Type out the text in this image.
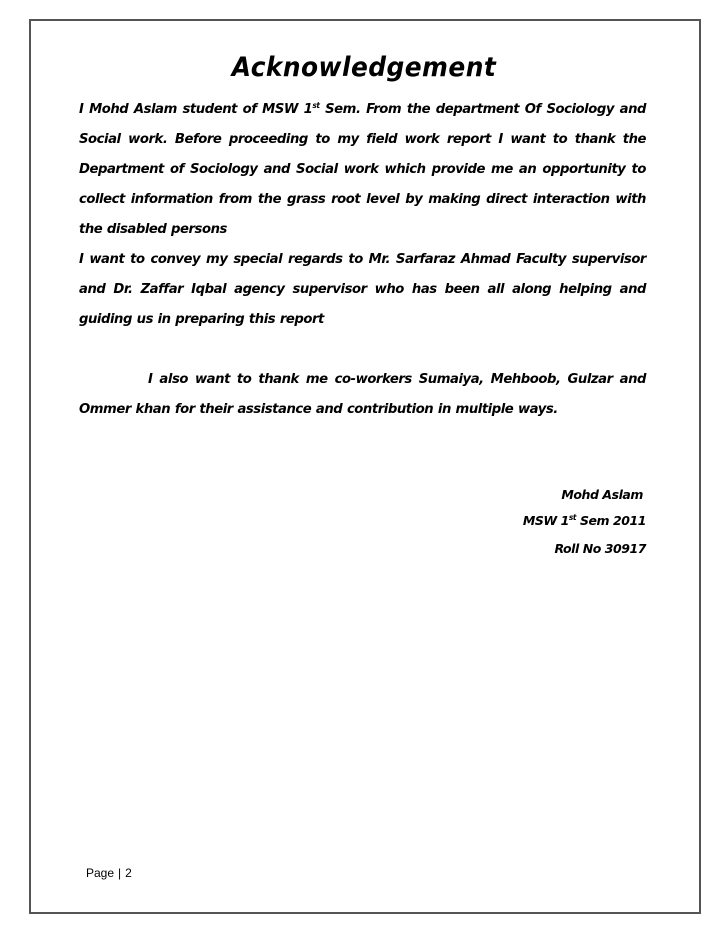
Acknowledgement
I Mohd Aslam student of MSW 1st Sem. From the department Of Sociology and Social work. Before proceeding to my field work report I want to thank the Department of Sociology and Social work which provide me an opportunity to collect information from the grass root level by making direct interaction with the disabled persons
I want to convey my special regards to Mr. Sarfaraz Ahmad Faculty supervisor and Dr. Zaffar Iqbal agency supervisor who has been all along helping and guiding us in preparing this report
I also want to thank me co-workers Sumaiya, Mehboob, Gulzar and Ommer khan for their assistance and contribution in multiple ways.
Mohd Aslam
MSW 1st Sem 2011
Roll No 30917
Page | 2
